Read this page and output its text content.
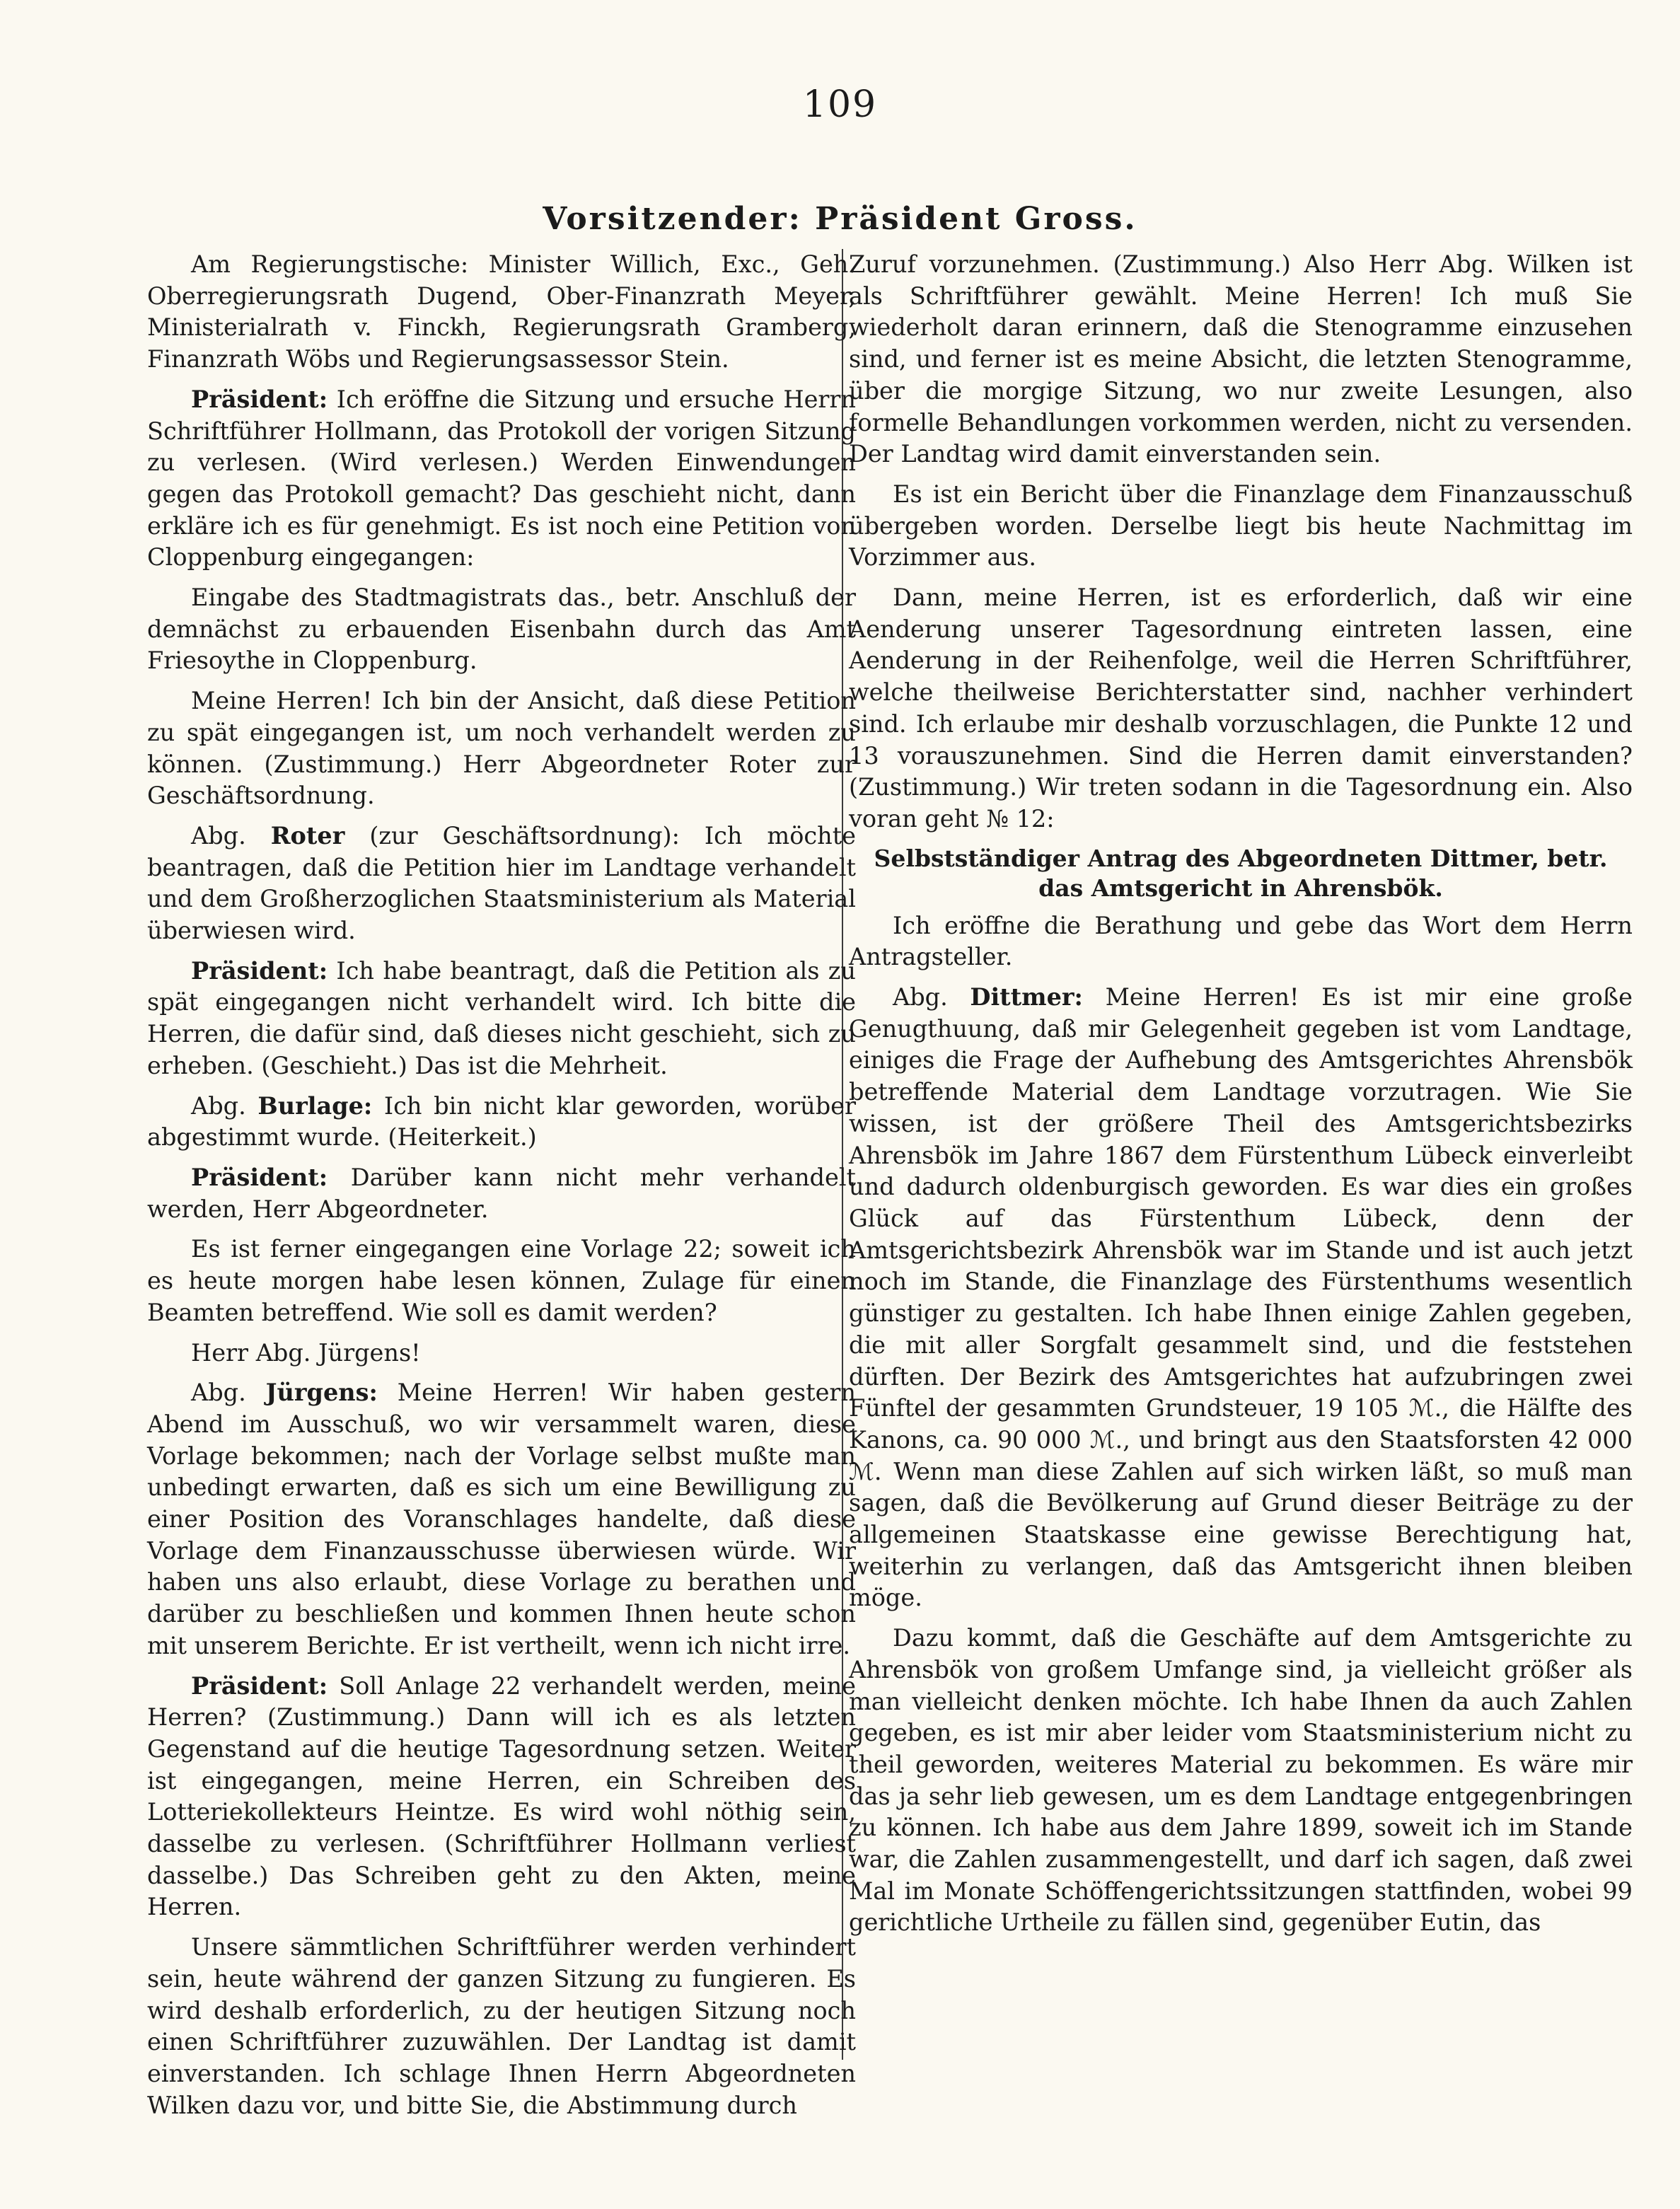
109
Vorsitzender: Präsident Gross.

Am Regierungstische: Minister Willich, Exc., Geh. Oberregierungsrath Dugend, Ober-Finanzrath Meyer, Ministerialrath v. Finckh, Regierungsrath Gramberg, Finanzrath Wöbs und Regierungsassessor Stein.

Präsident: Ich eröffne die Sitzung und ersuche Herrn Schriftführer Hollmann, das Protokoll der vorigen Sitzung zu verlesen. (Wird verlesen.) Werden Einwendungen gegen das Protokoll gemacht? Das geschieht nicht, dann erkläre ich es für genehmigt. Es ist noch eine Petition von Cloppenburg eingegangen:

Eingabe des Stadtmagistrats das., betr. Anschluß der demnächst zu erbauenden Eisenbahn durch das Amt Friesoythe in Cloppenburg.

Meine Herren! Ich bin der Ansicht, daß diese Petition zu spät eingegangen ist, um noch verhandelt werden zu können. (Zustimmung.) Herr Abgeordneter Roter zur Geschäftsordnung.

Abg. Roter (zur Geschäftsordnung): Ich möchte beantragen, daß die Petition hier im Landtage verhandelt und dem Großherzoglichen Staatsministerium als Material überwiesen wird.

Präsident: Ich habe beantragt, daß die Petition als zu spät eingegangen nicht verhandelt wird. Ich bitte die Herren, die dafür sind, daß dieses nicht geschieht, sich zu erheben. (Geschieht.) Das ist die Mehrheit.

Abg. Burlage: Ich bin nicht klar geworden, worüber abgestimmt wurde. (Heiterkeit.)

Präsident: Darüber kann nicht mehr verhandelt werden, Herr Abgeordneter.

Es ist ferner eingegangen eine Vorlage 22; soweit ich es heute morgen habe lesen können, Zulage für einen Beamten betreffend. Wie soll es damit werden?

Herr Abg. Jürgens!

Abg. Jürgens: Meine Herren! Wir haben gestern Abend im Ausschuß, wo wir versammelt waren, diese Vorlage bekommen; nach der Vorlage selbst mußte man unbedingt erwarten, daß es sich um eine Bewilligung zu einer Position des Voranschlages handelte, daß diese Vorlage dem Finanzausschusse überwiesen würde. Wir haben uns also erlaubt, diese Vorlage zu berathen und darüber zu beschließen und kommen Ihnen heute schon mit unserem Berichte. Er ist vertheilt, wenn ich nicht irre.

Präsident: Soll Anlage 22 verhandelt werden, meine Herren? (Zustimmung.) Dann will ich es als letzten Gegenstand auf die heutige Tagesordnung setzen. Weiter ist eingegangen, meine Herren, ein Schreiben des Lotteriekollekteurs Heintze. Es wird wohl nöthig sein, dasselbe zu verlesen. (Schriftführer Hollmann verliest dasselbe.) Das Schreiben geht zu den Akten, meine Herren.

Unsere sämmtlichen Schriftführer werden verhindert sein, heute während der ganzen Sitzung zu fungieren. Es wird deshalb erforderlich, zu der heutigen Sitzung noch einen Schriftführer zuzuwählen. Der Landtag ist damit einverstanden. Ich schlage Ihnen Herrn Abgeordneten Wilken dazu vor, und bitte Sie, die Abstimmung durch

Zuruf vorzunehmen. (Zustimmung.) Also Herr Abg. Wilken ist als Schriftführer gewählt. Meine Herren! Ich muß Sie wiederholt daran erinnern, daß die Stenogramme einzusehen sind, und ferner ist es meine Absicht, die letzten Stenogramme, über die morgige Sitzung, wo nur zweite Lesungen, also formelle Behandlungen vorkommen werden, nicht zu versenden. Der Landtag wird damit einverstanden sein.

Es ist ein Bericht über die Finanzlage dem Finanzausschuß übergeben worden. Derselbe liegt bis heute Nachmittag im Vorzimmer aus.

Dann, meine Herren, ist es erforderlich, daß wir eine Aenderung unserer Tagesordnung eintreten lassen, eine Aenderung in der Reihenfolge, weil die Herren Schriftführer, welche theilweise Berichterstatter sind, nachher verhindert sind. Ich erlaube mir deshalb vorzuschlagen, die Punkte 12 und 13 vorauszunehmen. Sind die Herren damit einverstanden? (Zustimmung.) Wir treten sodann in die Tagesordnung ein. Also voran geht № 12:

Selbstständiger Antrag des Abgeordneten Dittmer, betr. das Amtsgericht in Ahrensbök.

Ich eröffne die Berathung und gebe das Wort dem Herrn Antragsteller.

Abg. Dittmer: Meine Herren! Es ist mir eine große Genugthuung, daß mir Gelegenheit gegeben ist vom Landtage, einiges die Frage der Aufhebung des Amtsgerichtes Ahrensbök betreffende Material dem Landtage vorzutragen. Wie Sie wissen, ist der größere Theil des Amtsgerichtsbezirks Ahrensbök im Jahre 1867 dem Fürstenthum Lübeck einverleibt und dadurch oldenburgisch geworden. Es war dies ein großes Glück auf das Fürstenthum Lübeck, denn der Amtsgerichtsbezirk Ahrensbök war im Stande und ist auch jetzt noch im Stande, die Finanzlage des Fürstenthums wesentlich günstiger zu gestalten. Ich habe Ihnen einige Zahlen gegeben, die mit aller Sorgfalt gesammelt sind, und die feststehen dürften. Der Bezirk des Amtsgerichtes hat aufzubringen zwei Fünftel der gesammten Grundsteuer, 19 105 ℳ., die Hälfte des Kanons, ca. 90 000 ℳ., und bringt aus den Staatsforsten 42 000 ℳ. Wenn man diese Zahlen auf sich wirken läßt, so muß man sagen, daß die Bevölkerung auf Grund dieser Beiträge zu der allgemeinen Staatskasse eine gewisse Berechtigung hat, weiterhin zu verlangen, daß das Amtsgericht ihnen bleiben möge.

Dazu kommt, daß die Geschäfte auf dem Amtsgerichte zu Ahrensbök von großem Umfange sind, ja vielleicht größer als man vielleicht denken möchte. Ich habe Ihnen da auch Zahlen gegeben, es ist mir aber leider vom Staatsministerium nicht zu theil geworden, weiteres Material zu bekommen. Es wäre mir das ja sehr lieb gewesen, um es dem Landtage entgegenbringen zu können. Ich habe aus dem Jahre 1899, soweit ich im Stande war, die Zahlen zusammengestellt, und darf ich sagen, daß zwei Mal im Monate Schöffengerichtssitzungen stattfinden, wobei 99 gerichtliche Urtheile zu fällen sind, gegenüber Eutin, das
